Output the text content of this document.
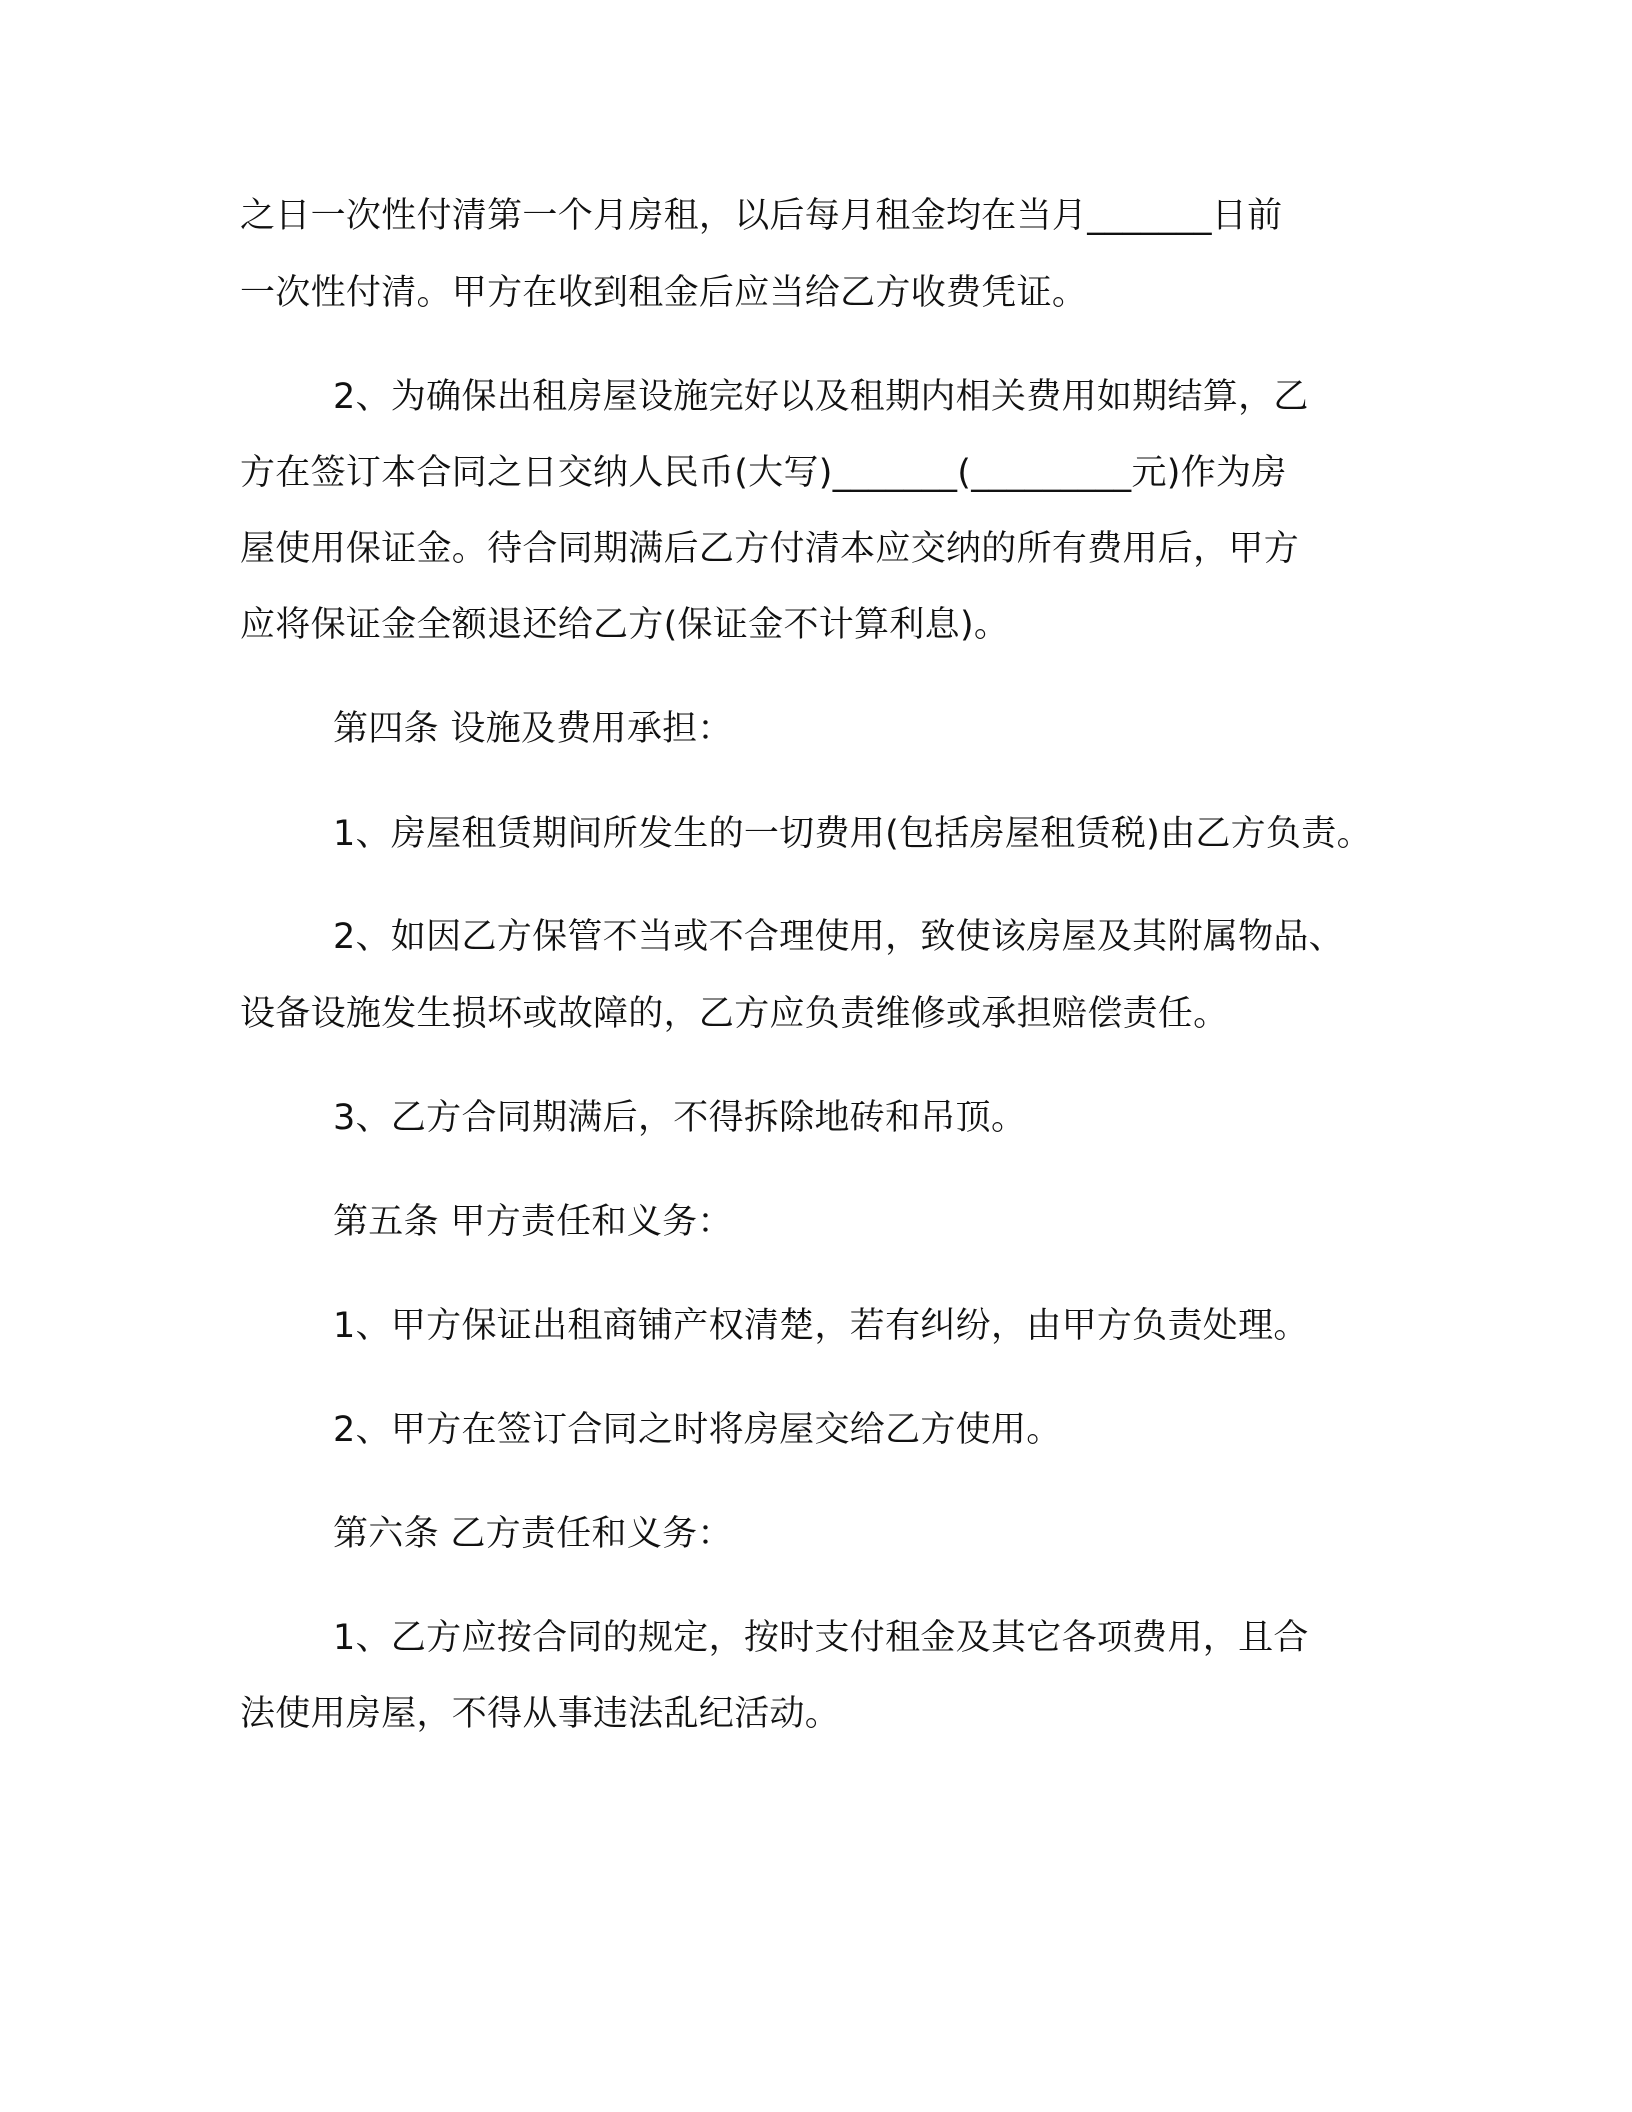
之日一次性付清第一个月房租，以后每月租金均在当月_______日前

一次性付清。甲方在收到租金后应当给乙方收费凭证。

2、为确保出租房屋设施完好以及租期内相关费用如期结算，乙

方在签订本合同之日交纳人民币(大写)_______(_________元)作为房

屋使用保证金。待合同期满后乙方付清本应交纳的所有费用后，甲方

应将保证金全额退还给乙方(保证金不计算利息)。

第四条 设施及费用承担：

1、房屋租赁期间所发生的一切费用(包括房屋租赁税)由乙方负责。

2、如因乙方保管不当或不合理使用，致使该房屋及其附属物品、

设备设施发生损坏或故障的，乙方应负责维修或承担赔偿责任。

3、乙方合同期满后，不得拆除地砖和吊顶。

第五条 甲方责任和义务：

1、甲方保证出租商铺产权清楚，若有纠纷，由甲方负责处理。

2、甲方在签订合同之时将房屋交给乙方使用。

第六条 乙方责任和义务：

1、乙方应按合同的规定，按时支付租金及其它各项费用，且合

法使用房屋，不得从事违法乱纪活动。
